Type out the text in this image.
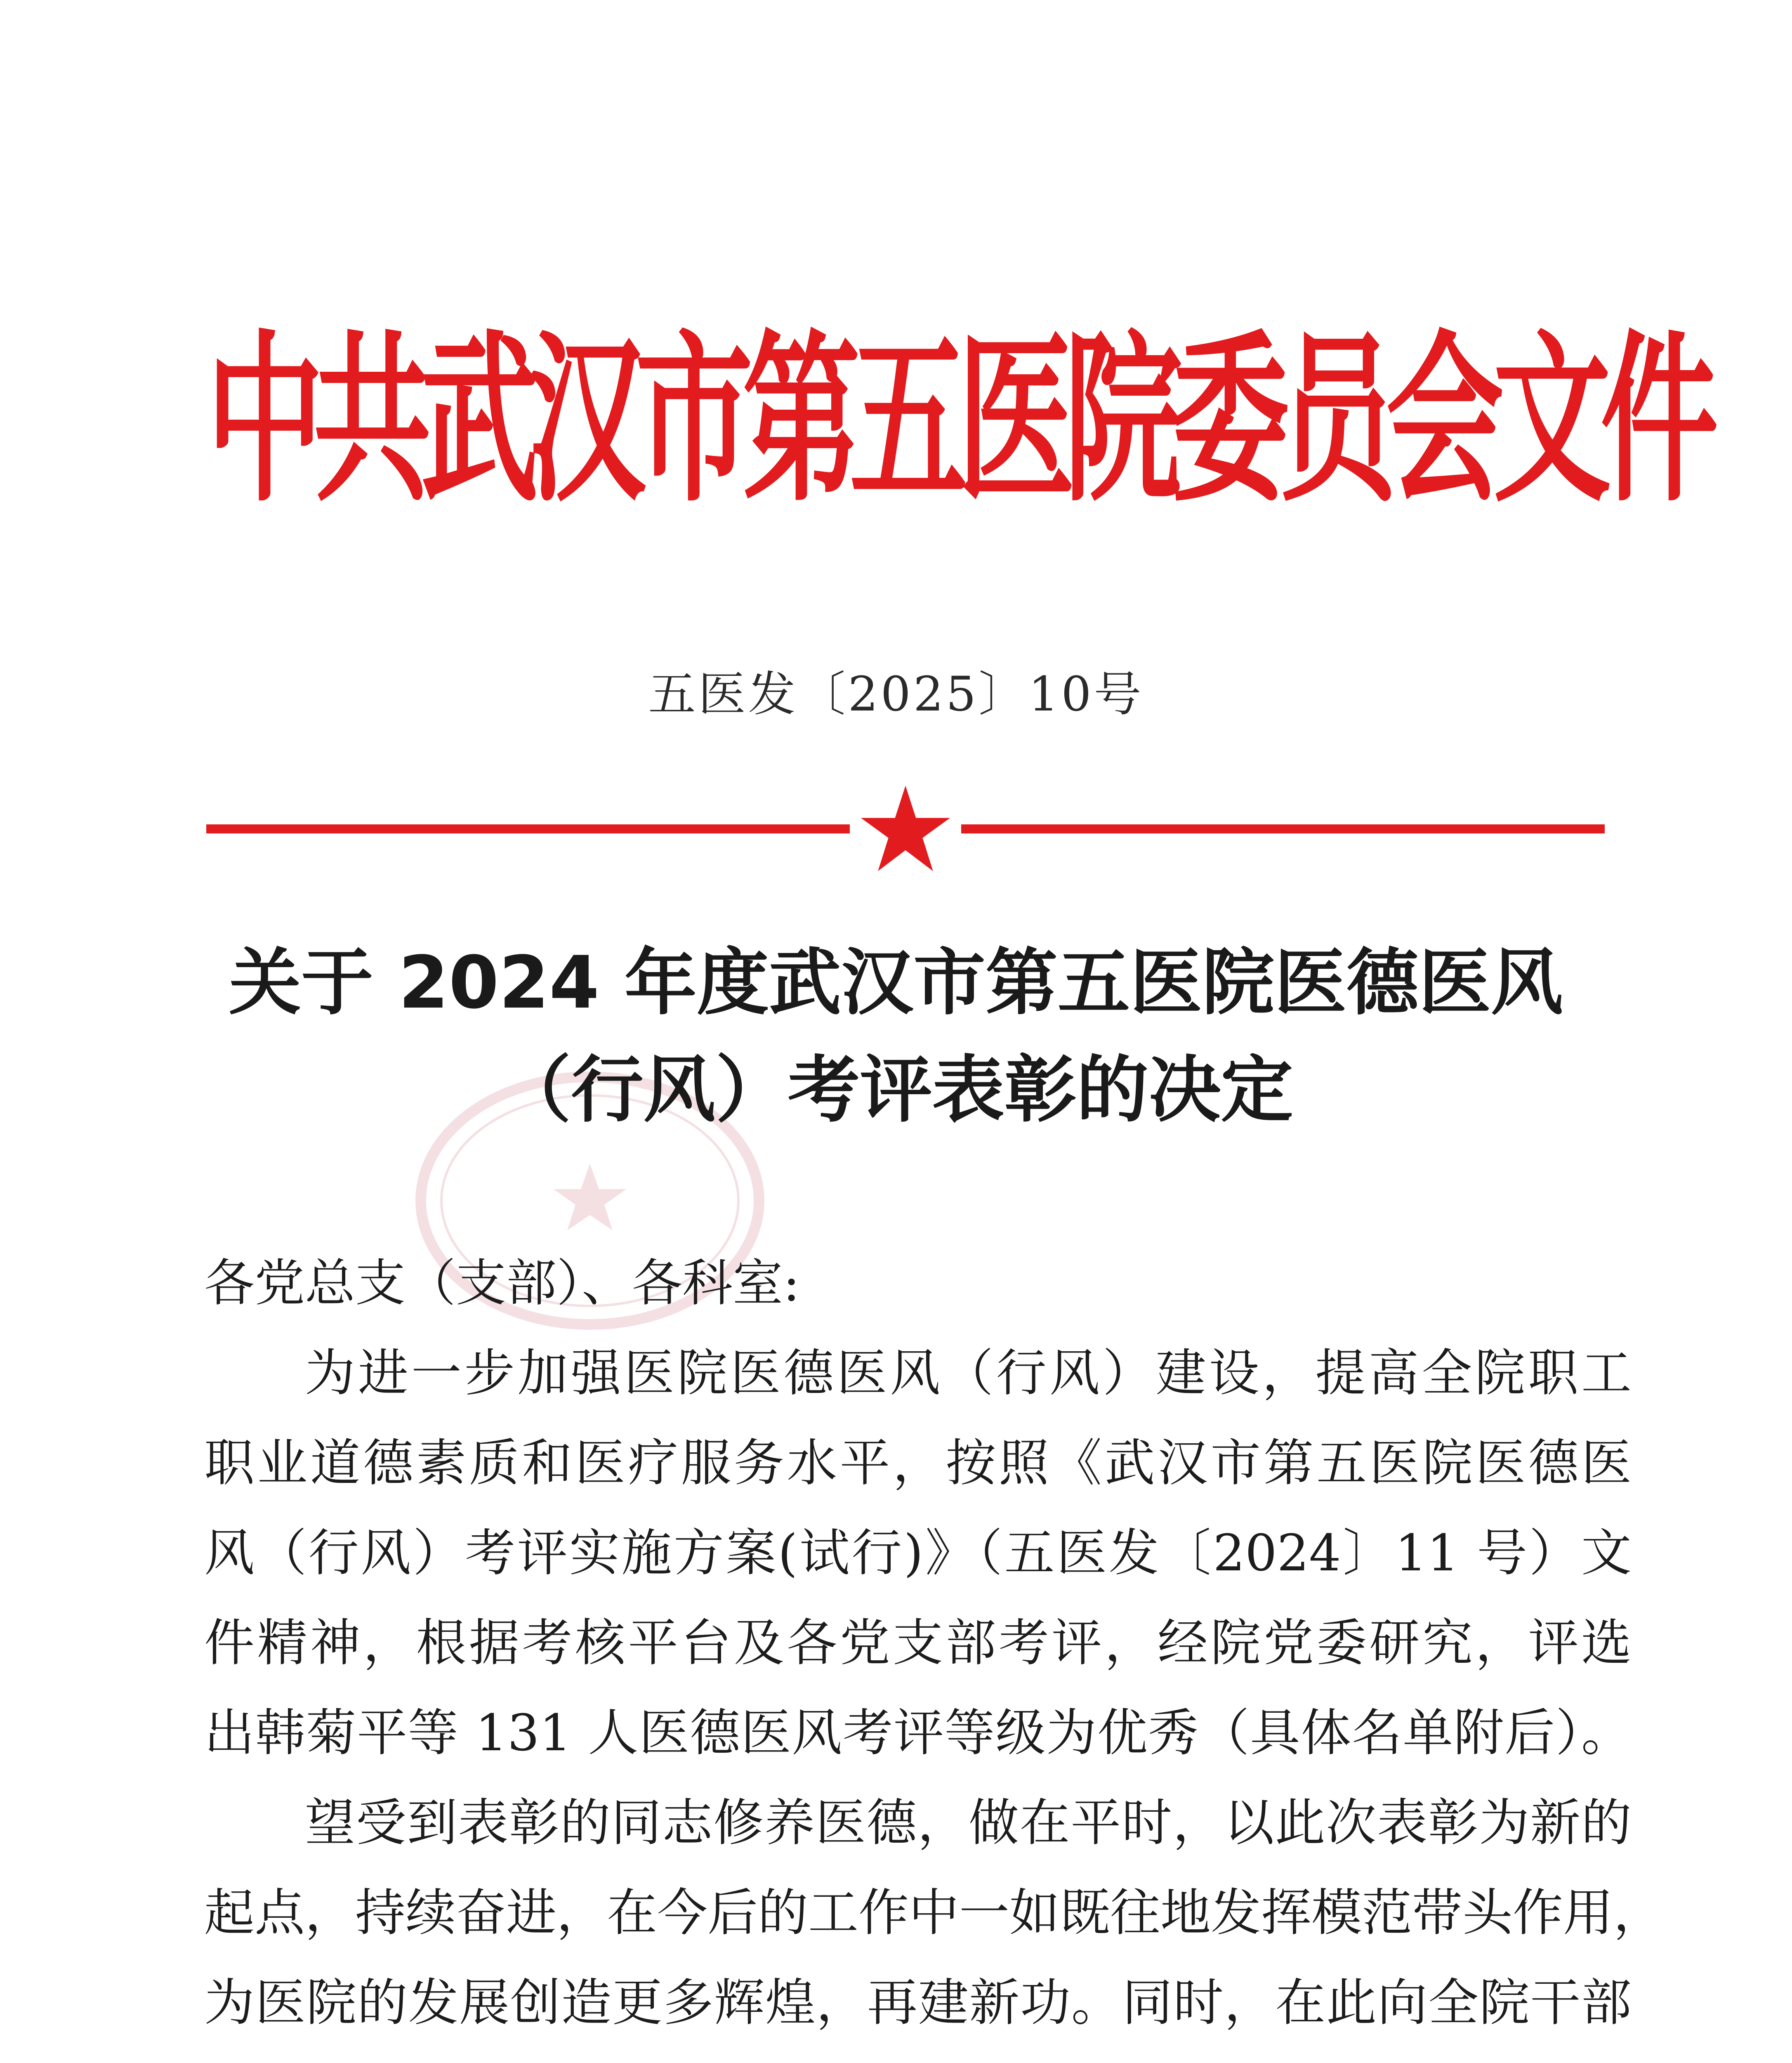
中
共
武
汉
市
第
五
医
院
委
员
会
文
件
五医发〔2025〕10号
关于 2024 年度武汉市第五医院医德医风
（行风）考评表彰的决定
各党总支（支部）、各科室:
为进一步加强医院医德医风（行风）建设，提高全院职工
职业道德素质和医疗服务水平，按照《武汉市第五医院医德医
风（行风）考评实施方案(试行)》（五医发〔2024〕11 号）文
件精神，根据考核平台及各党支部考评，经院党委研究，评选
出韩菊平等 131 人医德医风考评等级为优秀（具体名单附后）。
望受到表彰的同志修养医德，做在平时，以此次表彰为新的
起点，持续奋进，在今后的工作中一如既往地发挥模范带头作用，
为医院的发展创造更多辉煌，再建新功。同时，在此向全院干部
